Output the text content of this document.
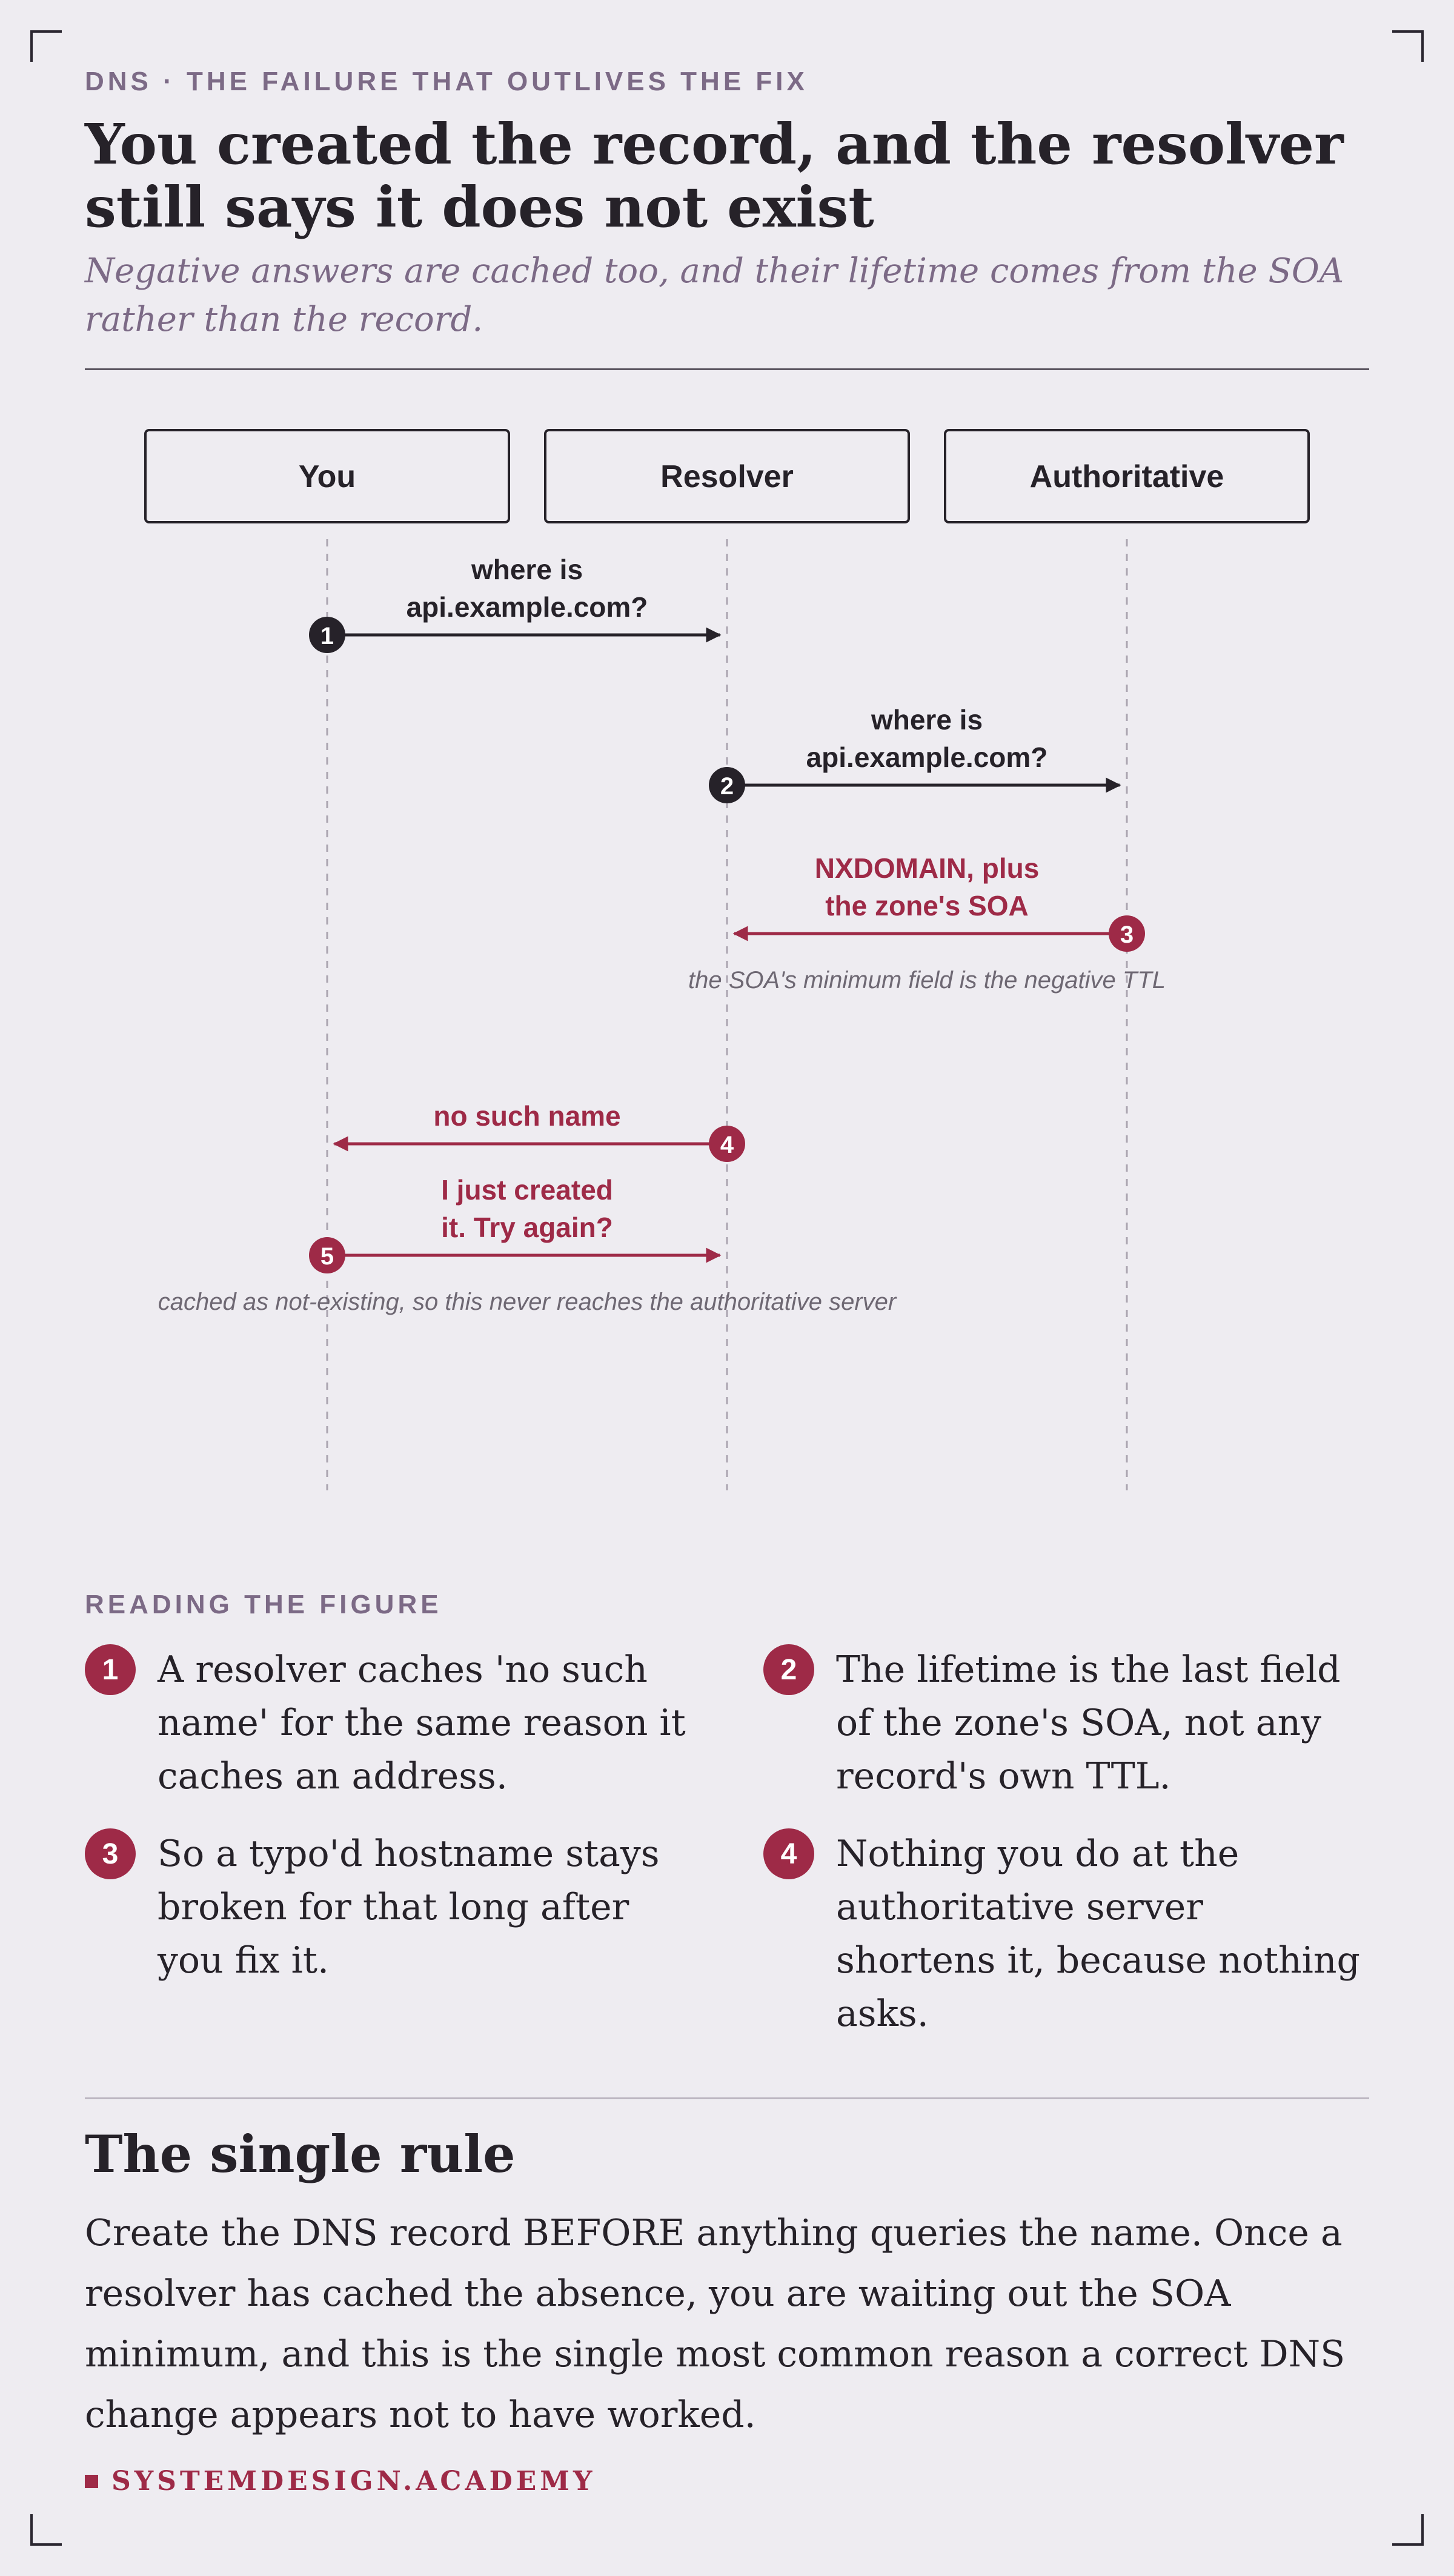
DNS · THE FAILURE THAT OUTLIVES THE FIX
You created the record, and the resolver still says it does not exist

Negative answers are cached too, and their lifetime comes from the SOA rather than the record.

You	Resolver	Authoritative
1
where is
api.example.com?
2
where is
api.example.com?
3
NXDOMAIN, plus
the zone's SOA
the SOA's minimum field is the negative TTL
4
no such name
5
I just created
it. Try again?
cached as not-existing, so this never reaches the authoritative server
READING THE FIGURE
1	A resolver caches 'no such name' for the same reason it caches an address.
2	The lifetime is the last field of the zone's SOA, not any record's own TTL.
3	So a typo'd hostname stays broken for that long after you fix it.
4	Nothing you do at the authoritative server shortens it, because nothing asks.
The single rule

Create the DNS record BEFORE anything queries the name. Once a resolver has cached the absence, you are waiting out the SOA minimum, and this is the single most common reason a correct DNS change appears not to have worked.

SYSTEMDESIGN.ACADEMY
